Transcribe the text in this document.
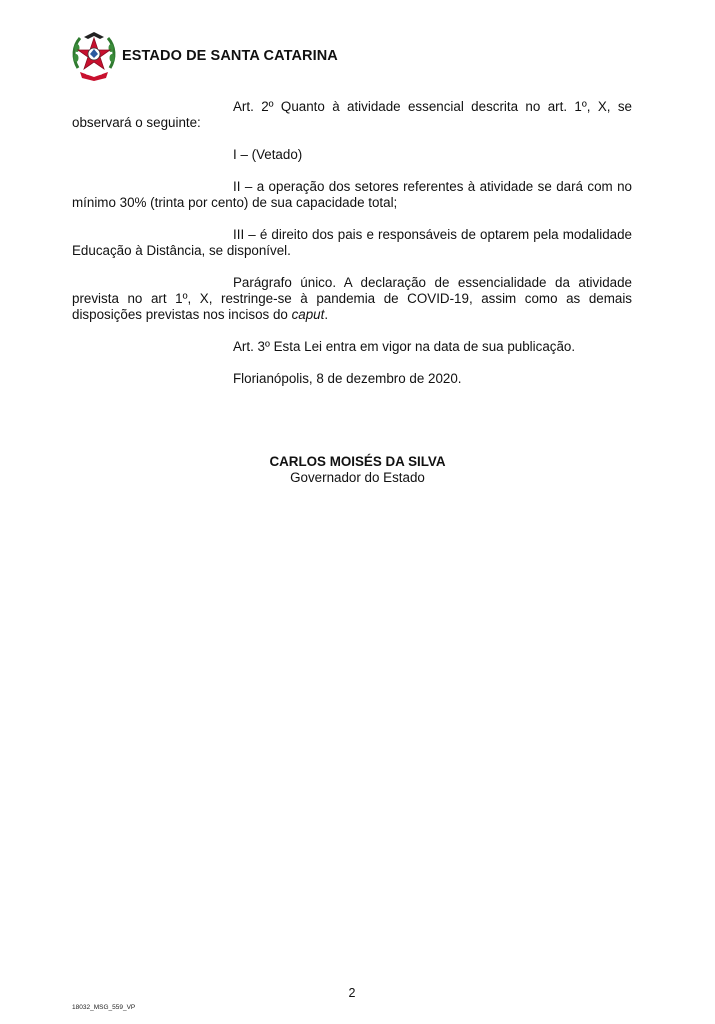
ESTADO DE SANTA CATARINA

Art. 2º Quanto à atividade essencial descrita no art. 1º, X, se observará o seguinte:

I – (Vetado)

II – a operação dos setores referentes à atividade se dará com no mínimo 30% (trinta por cento) de sua capacidade total;

III – é direito dos pais e responsáveis de optarem pela modalidade Educação à Distância, se disponível.

Parágrafo único. A declaração de essencialidade da atividade prevista no art 1º, X, restringe-se à pandemia de COVID-19, assim como as demais disposições previstas nos incisos do caput.

Art. 3º Esta Lei entra em vigor na data de sua publicação.

Florianópolis, 8 de dezembro de 2020.

CARLOS MOISÉS DA SILVA
Governador do Estado
2
18032_MSG_559_VP
